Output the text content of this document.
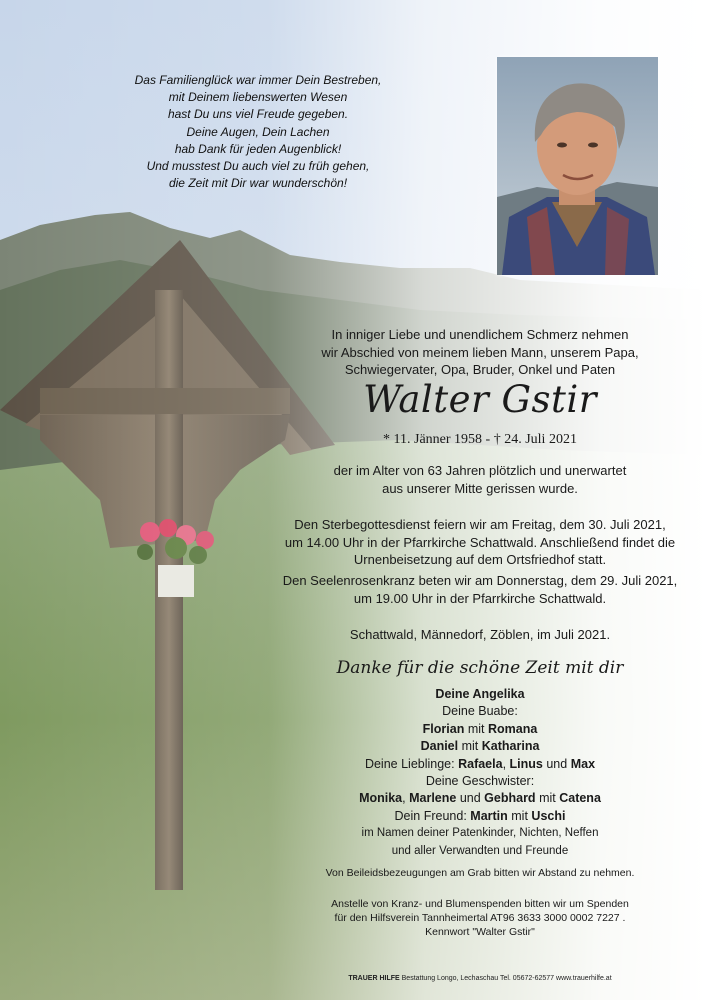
Das Familienglück war immer Dein Bestreben,
mit Deinem liebenswerten Wesen
hast Du uns viel Freude gegeben.
Deine Augen, Dein Lachen
hab Dank für jeden Augenblick!
Und musstest Du auch viel zu früh gehen,
die Zeit mit Dir war wunderschön!
In inniger Liebe und unendlichem Schmerz nehmen
wir Abschied von meinem lieben Mann, unserem Papa,
Schwiegervater, Opa, Bruder, Onkel und Paten
Walter Gstir
* 11. Jänner 1958 - † 24. Juli 2021
der im Alter von 63 Jahren plötzlich und unerwartet
aus unserer Mitte gerissen wurde.
Den Sterbegottesdienst feiern wir am Freitag, dem 30. Juli 2021,
um 14.00 Uhr in der Pfarrkirche Schattwald. Anschließend findet die
Urnenbeisetzung auf dem Ortsfriedhof statt.
Den Seelenrosenkranz beten wir am Donnerstag, dem 29. Juli 2021,
um 19.00 Uhr in der Pfarrkirche Schattwald.
Schattwald, Männedorf, Zöblen, im Juli 2021.
Danke für die schöne Zeit mit dir
Deine Angelika
Deine Buabe:
Florian mit Romana
Daniel mit Katharina
Deine Lieblinge: Rafaela, Linus und Max
Deine Geschwister:
Monika, Marlene und Gebhard mit Catena
Dein Freund: Martin mit Uschi
im Namen deiner Patenkinder, Nichten, Neffen
und aller Verwandten und Freunde
Von Beileidsbezeugungen am Grab bitten wir Abstand zu nehmen.
Anstelle von Kranz- und Blumenspenden bitten wir um Spenden
für den Hilfsverein Tannheimertal AT96 3633 3000 0002 7227 .
Kennwort "Walter Gstir"
TRAUER HILFE Bestattung Longo, Lechaschau Tel. 05672-62577 www.trauerhilfe.at
